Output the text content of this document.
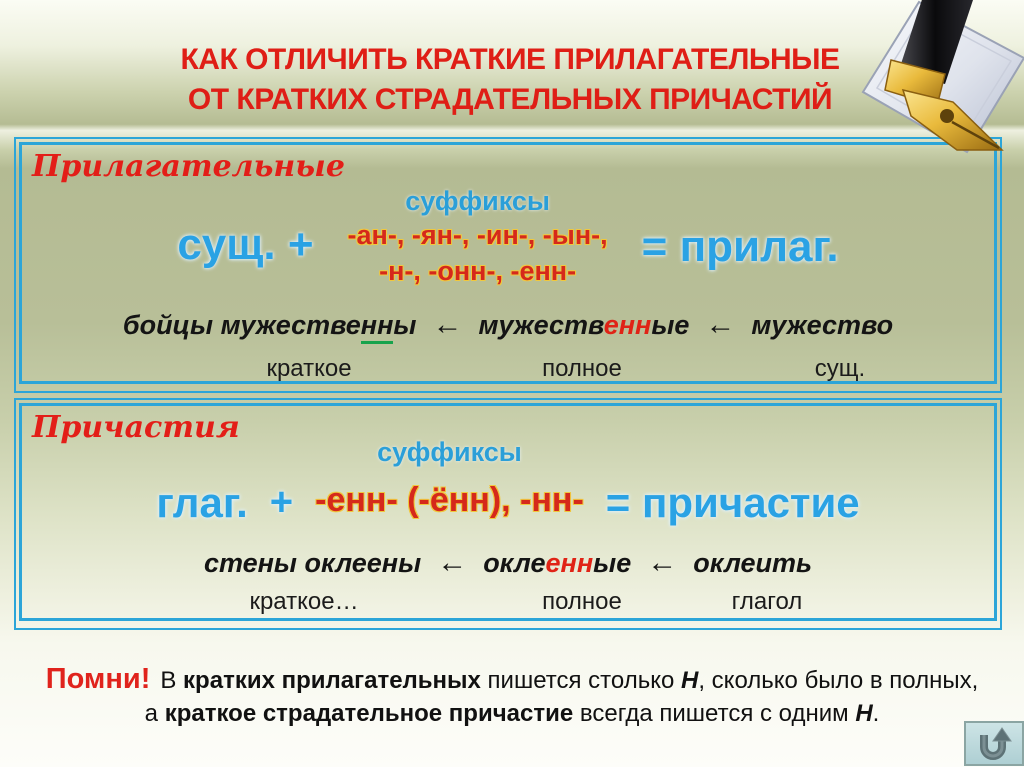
КАК ОТЛИЧИТЬ КРАТКИЕ ПРИЛАГАТЕЛЬНЫЕ
ОТ КРАТКИХ СТРАДАТЕЛЬНЫХ ПРИЧАСТИЙ
Прилагательные
сущ. +
суффиксы
-ан-, -ян-, -ин-, -ын-,
-н-, -онн-, -енн- = прилаг.
бойцы мужественны ← мужественные ← мужество
краткое	полное	сущ.
Причастия
глаг. +
суффиксы
-енн- (-ённ), -нн- = причастие
стены оклеены ← оклеенные ← оклеить
краткое…	полное	глагол
Помни! В кратких прилагательных пишется столько Н, сколько было в полных,
а краткое страдательное причастие всегда пишется с одним Н.
